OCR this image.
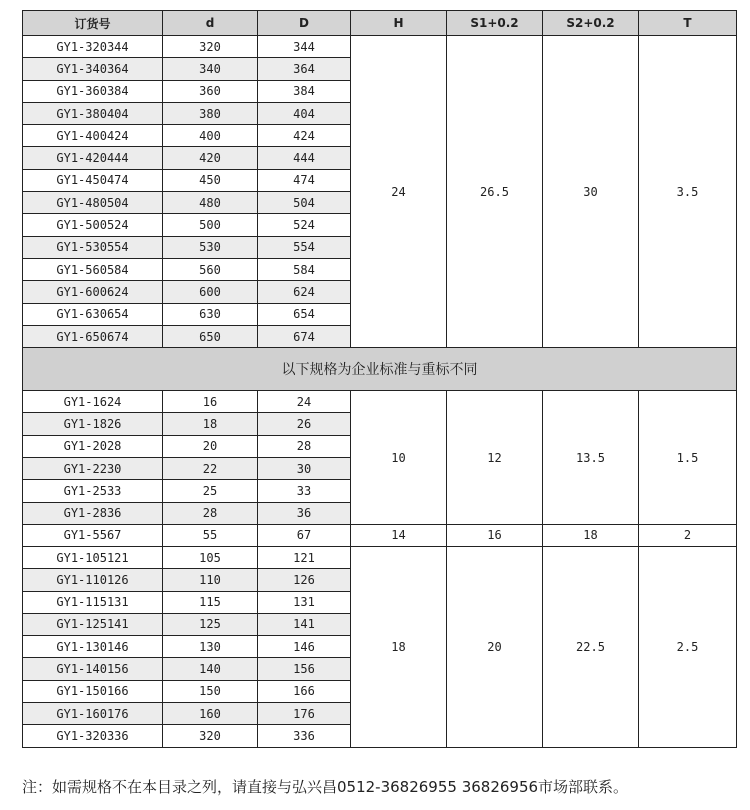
订货号	d	D	H	S1+0.2	S2+0.2	T
GY1-320344	320	344	24	26.5	30	3.5
GY1-340364	340	364				
GY1-360384	360	384				
GY1-380404	380	404				
GY1-400424	400	424				
GY1-420444	420	444				
GY1-450474	450	474				
GY1-480504	480	504				
GY1-500524	500	524				
GY1-530554	530	554				
GY1-560584	560	584				
GY1-600624	600	624				
GY1-630654	630	654				
GY1-650674	650	674				
以下规格为企业标准与重标不同						
GY1-1624	16	24	10	12	13.5	1.5
GY1-1826	18	26				
GY1-2028	20	28				
GY1-2230	22	30				
GY1-2533	25	33				
GY1-2836	28	36				
GY1-5567	55	67	14	16	18	2
GY1-105121	105	121	18	20	22.5	2.5
GY1-110126	110	126				
GY1-115131	115	131				
GY1-125141	125	141				
GY1-130146	130	146				
GY1-140156	140	156				
GY1-150166	150	166				
GY1-160176	160	176				
GY1-320336	320	336				
注：如需规格不在本目录之列，请直接与弘兴昌0512-36826955 36826956市场部联系。
